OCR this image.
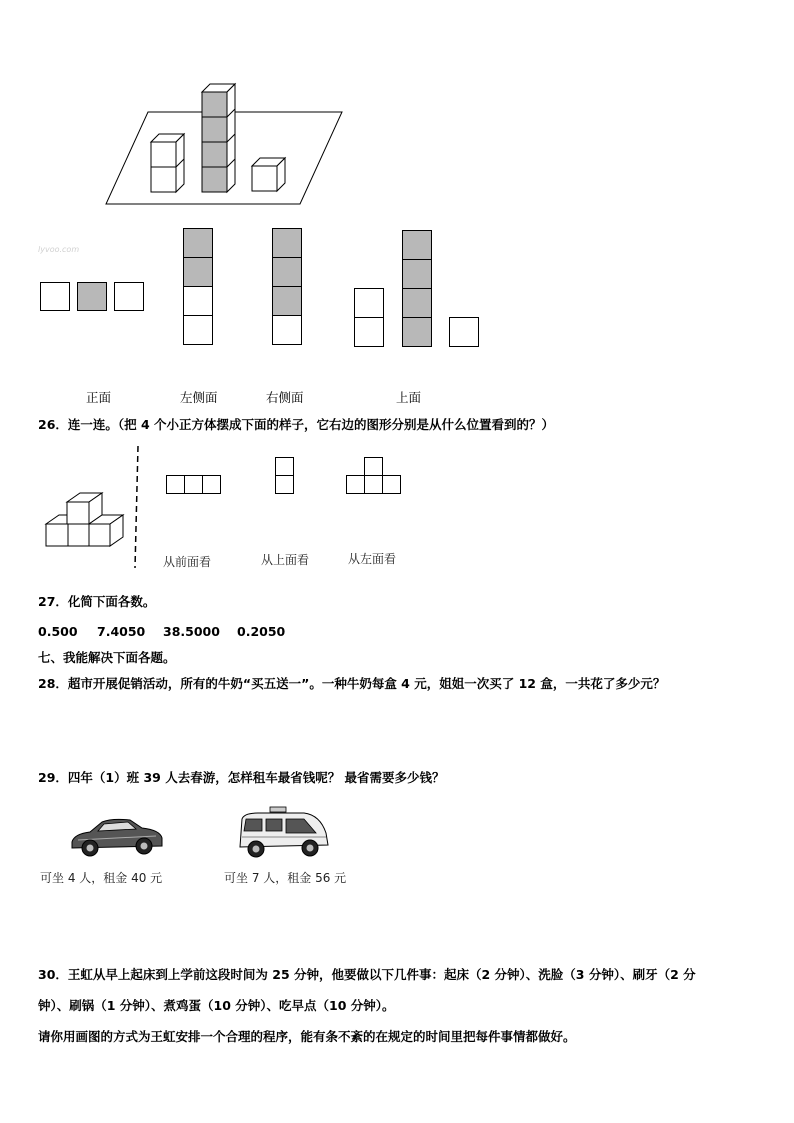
lyvoo.com
正面	左侧面	右侧面	上面
26．连一连。（把 4 个小正方体摆成下面的样子，它右边的图形分别是从什么位置看到的？）
从前面看	从上面看	从左面看
27．化简下面各数。
0.500 7.4050 38.5000 0.2050
七、我能解决下面各题。
28．超市开展促销活动，所有的牛奶“买五送一”。一种牛奶每盒 4 元，姐姐一次买了 12 盒，一共花了多少元？
29．四年（1）班 39 人去春游，怎样租车最省钱呢？ 最省需要多少钱？
可坐 4 人，租金 40 元	可坐 7 人，租金 56 元
30．王虹从早上起床到上学前这段时间为 25 分钟，他要做以下几件事：起床（2 分钟）、洗脸（3 分钟）、刷牙（2 分
钟）、刷锅（1 分钟）、煮鸡蛋（10 分钟）、吃早点（10 分钟）。
请你用画图的方式为王虹安排一个合理的程序，能有条不紊的在规定的时间里把每件事情都做好。
